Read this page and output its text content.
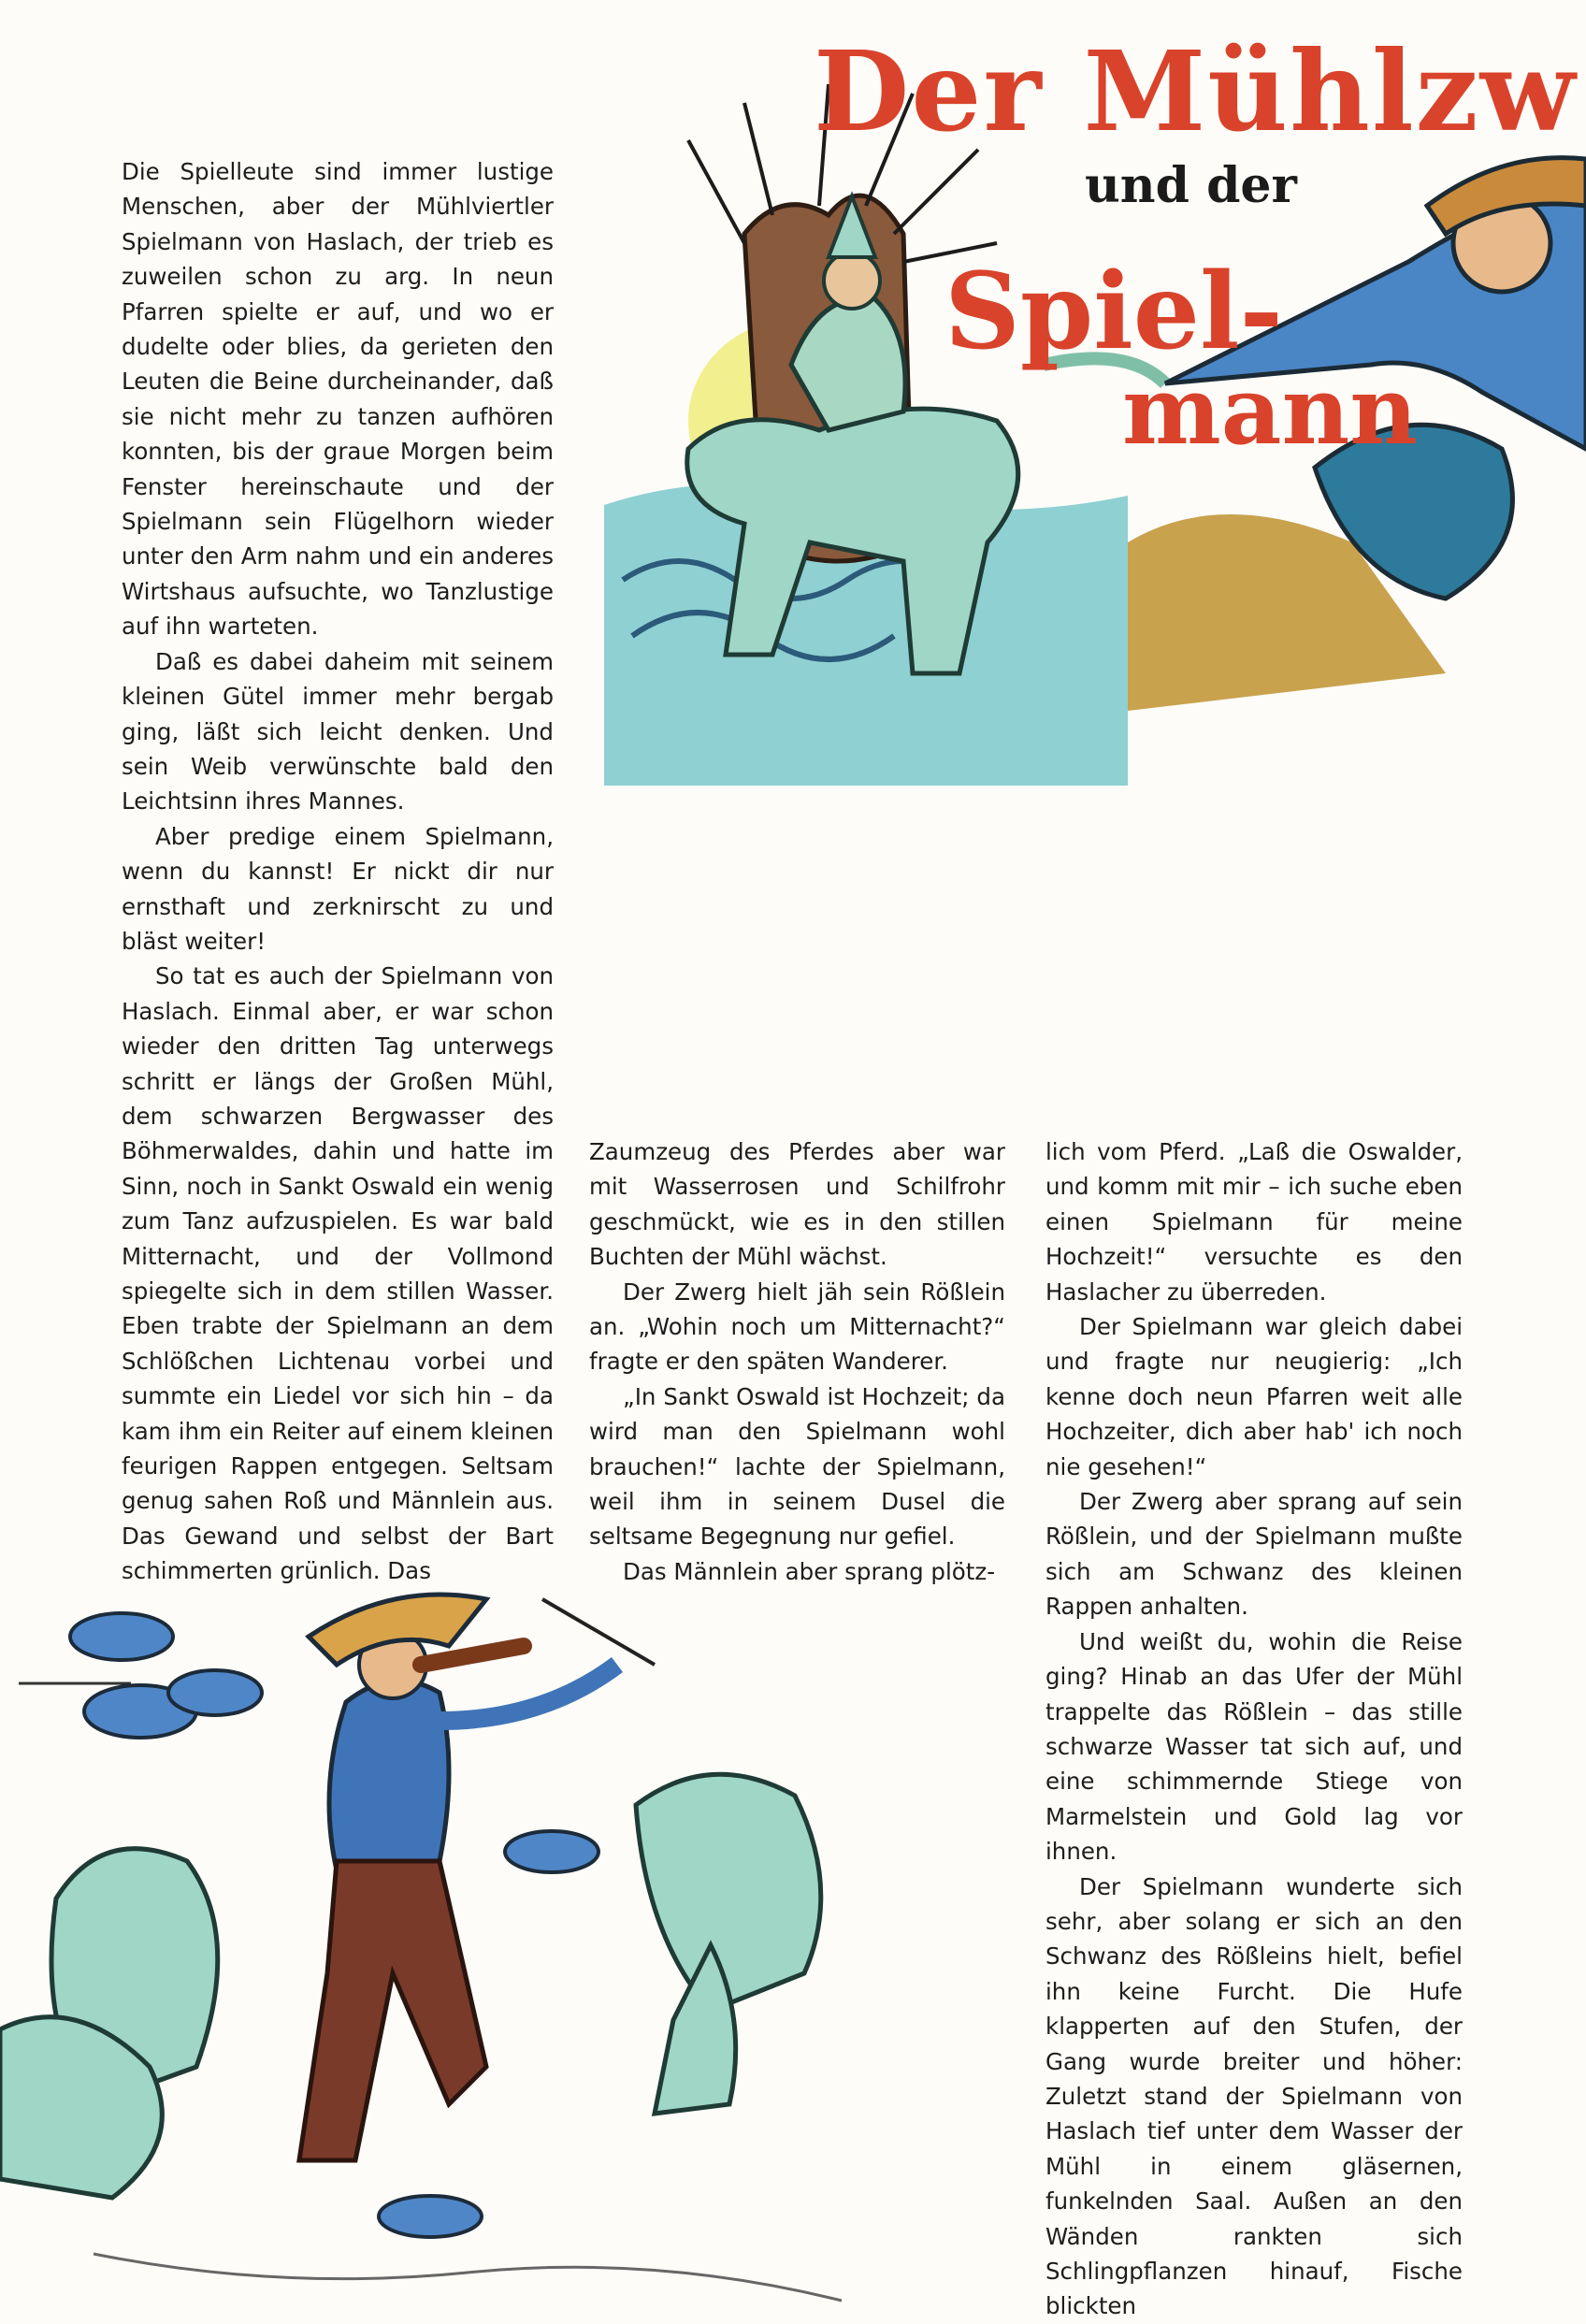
Der Mühlzw
und der
Spiel-
mann

Die Spielleute sind immer lustige Menschen, aber der Mühlviertler Spielmann von Haslach, der trieb es zuweilen schon zu arg. In neun Pfarren spielte er auf, und wo er dudelte oder blies, da gerieten den Leuten die Beine durcheinander, daß sie nicht mehr zu tanzen aufhören konnten, bis der graue Morgen beim Fenster hereinschaute und der Spielmann sein Flügelhorn wieder unter den Arm nahm und ein anderes Wirtshaus aufsuchte, wo Tanzlustige auf ihn warteten.

Daß es dabei daheim mit seinem kleinen Gütel immer mehr bergab ging, läßt sich leicht denken. Und sein Weib verwünschte bald den Leichtsinn ihres Mannes.

Aber predige einem Spielmann, wenn du kannst! Er nickt dir nur ernsthaft und zerknirscht zu und bläst weiter!

So tat es auch der Spielmann von Haslach. Einmal aber, er war schon wieder den dritten Tag unterwegs schritt er längs der Großen Mühl, dem schwarzen Bergwasser des Böhmerwaldes, dahin und hatte im Sinn, noch in Sankt Oswald ein wenig zum Tanz aufzuspielen. Es war bald Mitternacht, und der Vollmond spiegelte sich in dem stillen Wasser. Eben trabte der Spielmann an dem Schlößchen Lichtenau vorbei und summte ein Liedel vor sich hin – da kam ihm ein Reiter auf einem kleinen feurigen Rappen entgegen. Seltsam genug sahen Roß und Männlein aus. Das Gewand und selbst der Bart schimmerten grünlich. Das

Zaumzeug des Pferdes aber war mit Wasserrosen und Schilfrohr geschmückt, wie es in den stillen Buchten der Mühl wächst.

Der Zwerg hielt jäh sein Rößlein an. „Wohin noch um Mitternacht?“ fragte er den späten Wanderer.

„In Sankt Oswald ist Hochzeit; da wird man den Spielmann wohl brauchen!“ lachte der Spielmann, weil ihm in seinem Dusel die seltsame Begegnung nur gefiel.

Das Männlein aber sprang plötz-

lich vom Pferd. „Laß die Oswalder, und komm mit mir – ich suche eben einen Spielmann für meine Hochzeit!“ versuchte es den Haslacher zu überreden.

Der Spielmann war gleich dabei und fragte nur neugierig: „Ich kenne doch neun Pfarren weit alle Hochzeiter, dich aber hab' ich noch nie gesehen!“

Der Zwerg aber sprang auf sein Rößlein, und der Spielmann mußte sich am Schwanz des kleinen Rappen anhalten.

Und weißt du, wohin die Reise ging? Hinab an das Ufer der Mühl trappelte das Rößlein – das stille schwarze Wasser tat sich auf, und eine schimmernde Stiege von Marmelstein und Gold lag vor ihnen.

Der Spielmann wunderte sich sehr, aber solang er sich an den Schwanz des Rößleins hielt, befiel ihn keine Furcht. Die Hufe klapperten auf den Stufen, der Gang wurde breiter und höher: Zuletzt stand der Spielmann von Haslach tief unter dem Wasser der Mühl in einem gläsernen, funkelnden Saal. Außen an den Wänden rankten sich Schlingpflanzen hinauf, Fische blickten
